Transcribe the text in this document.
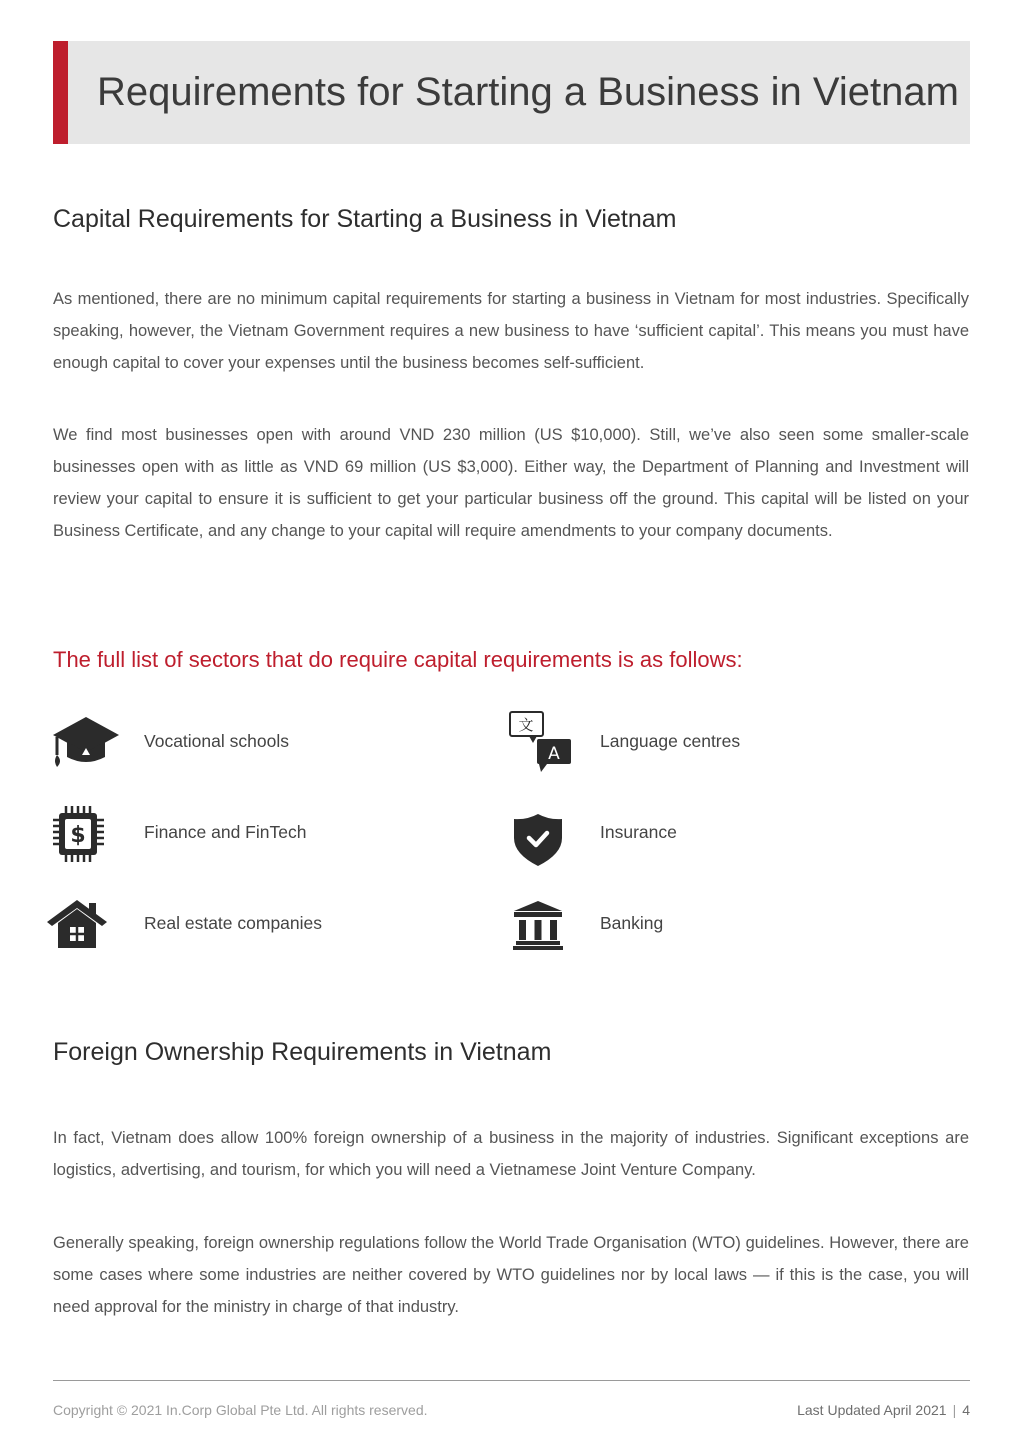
Requirements for Starting a Business in Vietnam
Capital Requirements for Starting a Business in Vietnam

As mentioned, there are no minimum capital requirements for starting a business in Vietnam for most industries. Specifically speaking, however, the Vietnam Government requires a new business to have ‘sufficient capital’. This means you must have enough capital to cover your expenses until the business becomes self-sufficient.

We find most businesses open with around VND 230 million (US $10,000). Still, we’ve also seen some smaller-scale businesses open with as little as VND 69 million (US $3,000). Either way, the Department of Planning and Investment will review your capital to ensure it is sufficient to get your particular business off the ground. This capital will be listed on your Business Certificate, and any change to your capital will require amendments to your company documents.

The full list of sectors that do require capital requirements is as follows:
Vocational schools
文
A
Language centres
$	Finance and FinTech	Insurance
Real estate companies	Banking
Foreign Ownership Requirements in Vietnam

In fact, Vietnam does allow 100% foreign ownership of a business in the majority of industries. Significant exceptions are logistics, advertising, and tourism, for which you will need a Vietnamese Joint Venture Company.

Generally speaking, foreign ownership regulations follow the World Trade Organisation (WTO) guidelines. However, there are some cases where some industries are neither covered by WTO guidelines nor by local laws — if this is the case, you will need approval for the ministry in charge of that industry.

Copyright © 2021 In.Corp Global Pte Ltd. All rights reserved.	Last Updated April 2021 | 4
